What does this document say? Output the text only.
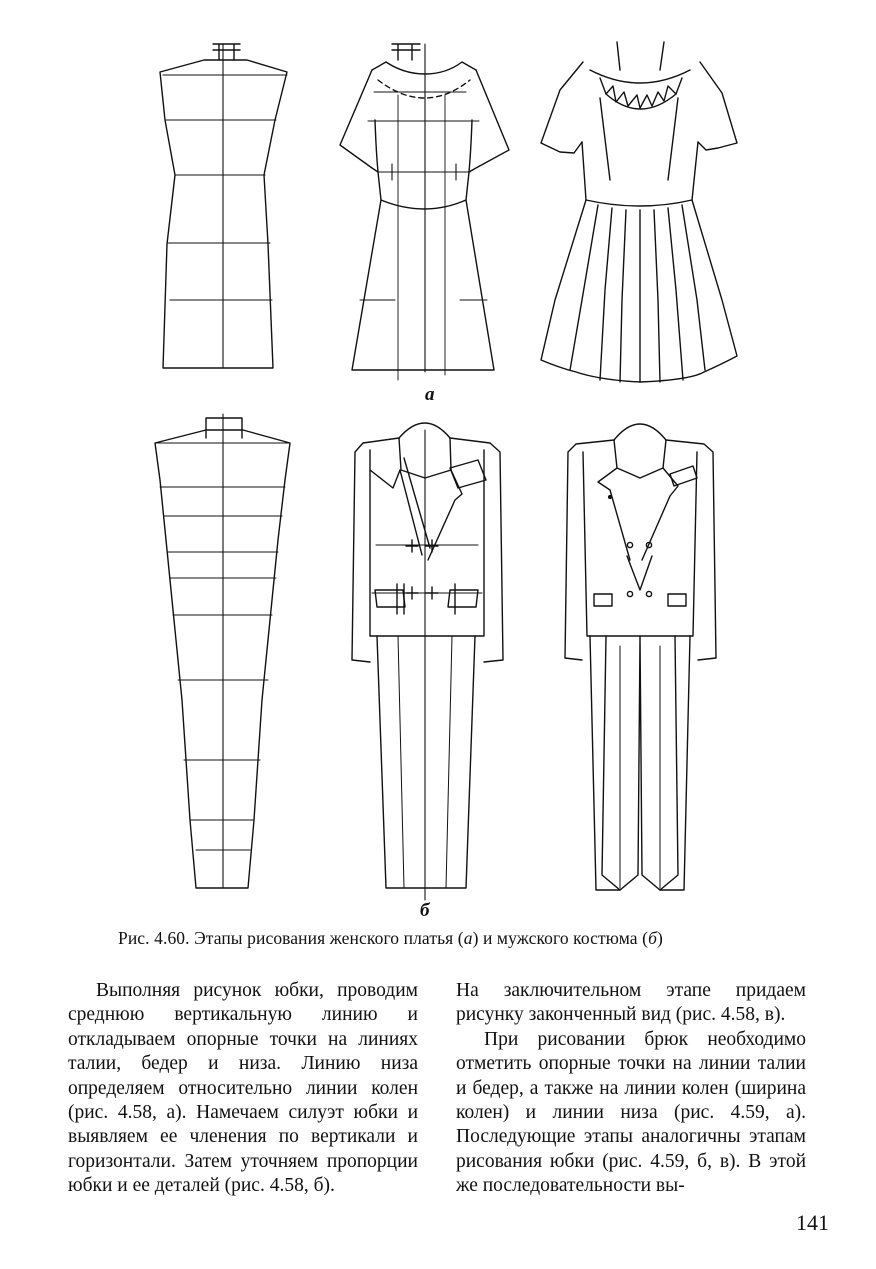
а
б
Рис. 4.60. Этапы рисования женского платья (а) и мужского костюма (б)

Выполняя рисунок юбки, проводим среднюю вертикальную линию и откладываем опорные точки на линиях талии, бедер и низа. Линию низа определяем относительно линии колен (рис. 4.58, а). Намечаем силуэт юбки и выявляем ее членения по вертикали и горизонтали. Затем уточняем пропорции юбки и ее деталей (рис. 4.58, б).

На заключительном этапе придаем рисунку законченный вид (рис. 4.58, в).

При рисовании брюк необходимо отметить опорные точки на линии талии и бедер, а также на линии колен (ширина колен) и линии низа (рис. 4.59, а). Последующие этапы аналогичны этапам рисования юбки (рис. 4.59, б, в). В этой же последовательности вы-

141
